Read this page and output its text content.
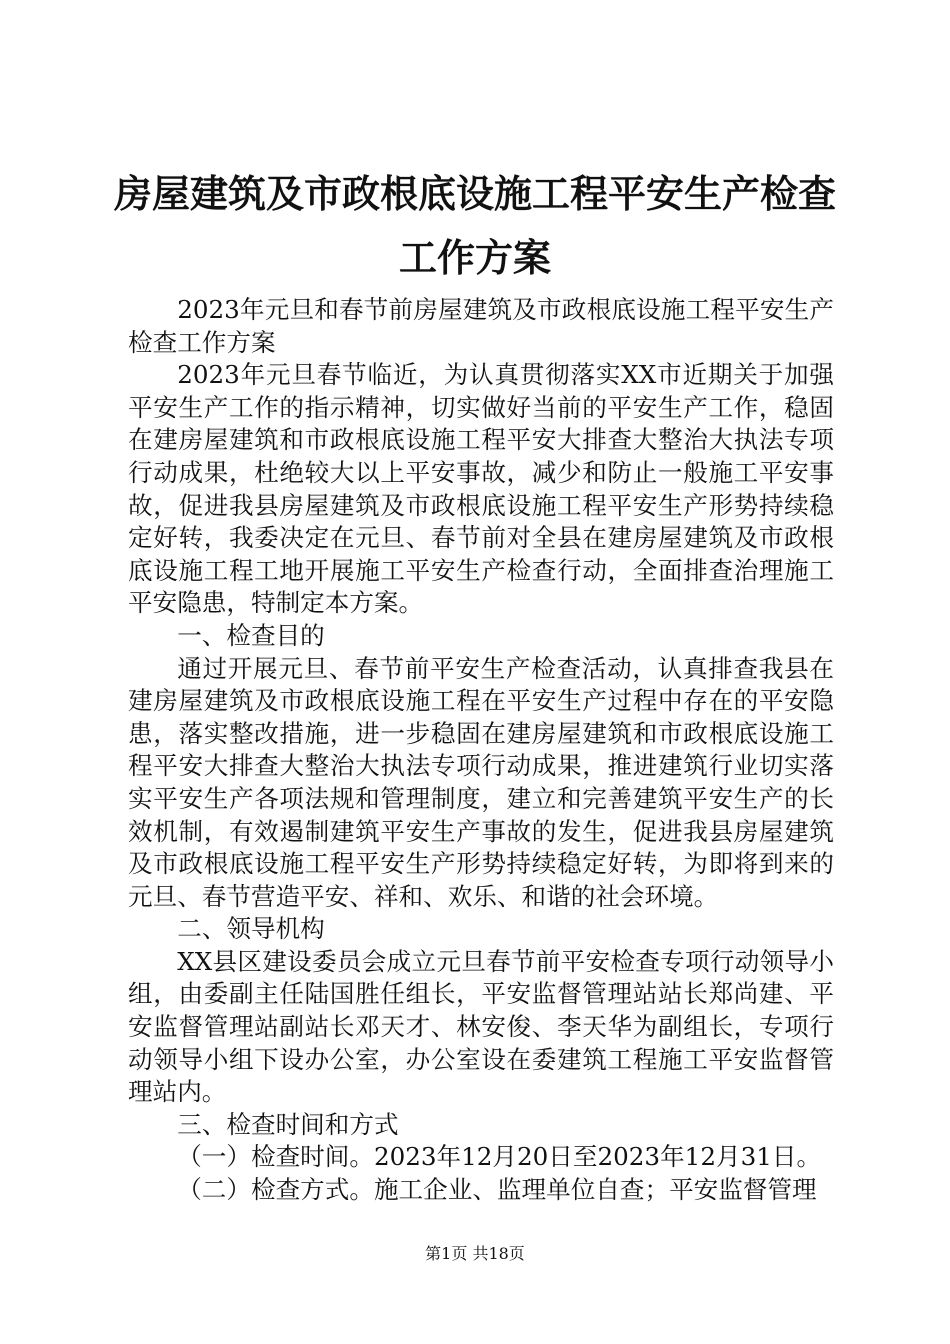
房屋建筑及市政根底设施工程平安生产检查工作方案

2023年元旦和春节前房屋建筑及市政根底设施工程平安生产检查工作方案

2023年元旦春节临近，为认真贯彻落实XX市近期关于加强平安生产工作的指示精神，切实做好当前的平安生产工作，稳固在建房屋建筑和市政根底设施工程平安大排查大整治大执法专项行动成果，杜绝较大以上平安事故，减少和防止一般施工平安事故，促进我县房屋建筑及市政根底设施工程平安生产形势持续稳定好转，我委决定在元旦、春节前对全县在建房屋建筑及市政根底设施工程工地开展施工平安生产检查行动，全面排查治理施工平安隐患，特制定本方案。

一、检查目的

通过开展元旦、春节前平安生产检查活动，认真排查我县在建房屋建筑及市政根底设施工程在平安生产过程中存在的平安隐患，落实整改措施，进一步稳固在建房屋建筑和市政根底设施工程平安大排查大整治大执法专项行动成果，推进建筑行业切实落实平安生产各项法规和管理制度，建立和完善建筑平安生产的长效机制，有效遏制建筑平安生产事故的发生，促进我县房屋建筑及市政根底设施工程平安生产形势持续稳定好转，为即将到来的元旦、春节营造平安、祥和、欢乐、和谐的社会环境。

二、领导机构

XX县区建设委员会成立元旦春节前平安检查专项行动领导小组，由委副主任陆国胜任组长，平安监督管理站站长郑尚建、平安监督管理站副站长邓天才、林安俊、李天华为副组长，专项行动领导小组下设办公室，办公室设在委建筑工程施工平安监督管理站内。

三、检查时间和方式

（一）检查时间。2023年12月20日至2023年12月31日。

（二）检查方式。施工企业、监理单位自查；平安监督管理

第1页 共18页
